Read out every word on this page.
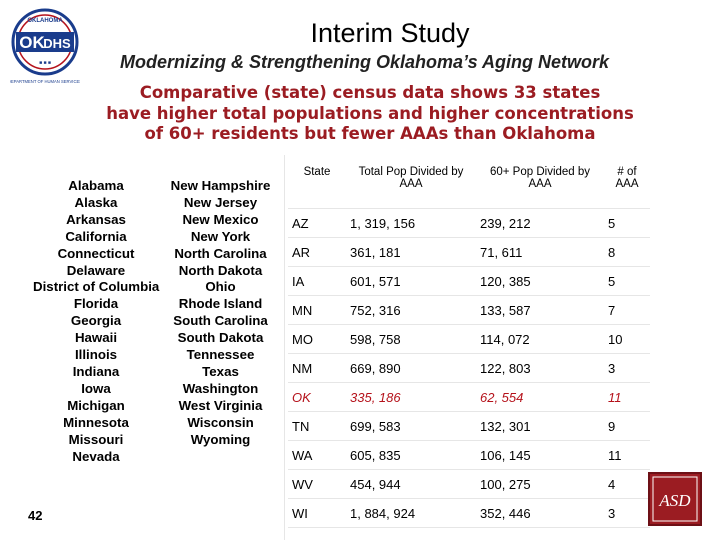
OKLAHOMA
OK
DHS
■ ■ ■
DEPARTMENT OF HUMAN SERVICES
Interim Study
Modernizing & Strengthening Oklahoma’s Aging Network
Comparative (state) census data shows 33 states
have higher total populations and higher concentrations
of 60+ residents but fewer AAAs than Oklahoma
Alabama
Alaska
Arkansas
California
Connecticut
Delaware
District of Columbia
Florida
Georgia
Hawaii
Illinois
Indiana
Iowa
Michigan
Minnesota
Missouri
Nevada
New Hampshire
New Jersey
New Mexico
New York
North Carolina
North Dakota
Ohio
Rhode Island
South Carolina
South Dakota
Tennessee
Texas
Washington
West Virginia
Wisconsin
Wyoming
State	Total Pop Divided by AAA	60+ Pop Divided by AAA	# of AAA
AZ	1, 319, 156	239, 212	5
AR	361, 181	71, 611	8
IA	601, 571	120, 385	5
MN	752, 316	133, 587	7
MO	598, 758	114, 072	10
NM	669, 890	122, 803	3
OK	335, 186	62, 554	11
TN	699, 583	132, 301	9
WA	605, 835	106, 145	11
WV	454, 944	100, 275	4
WI	1, 884, 924	352, 446	3
42
ASD
